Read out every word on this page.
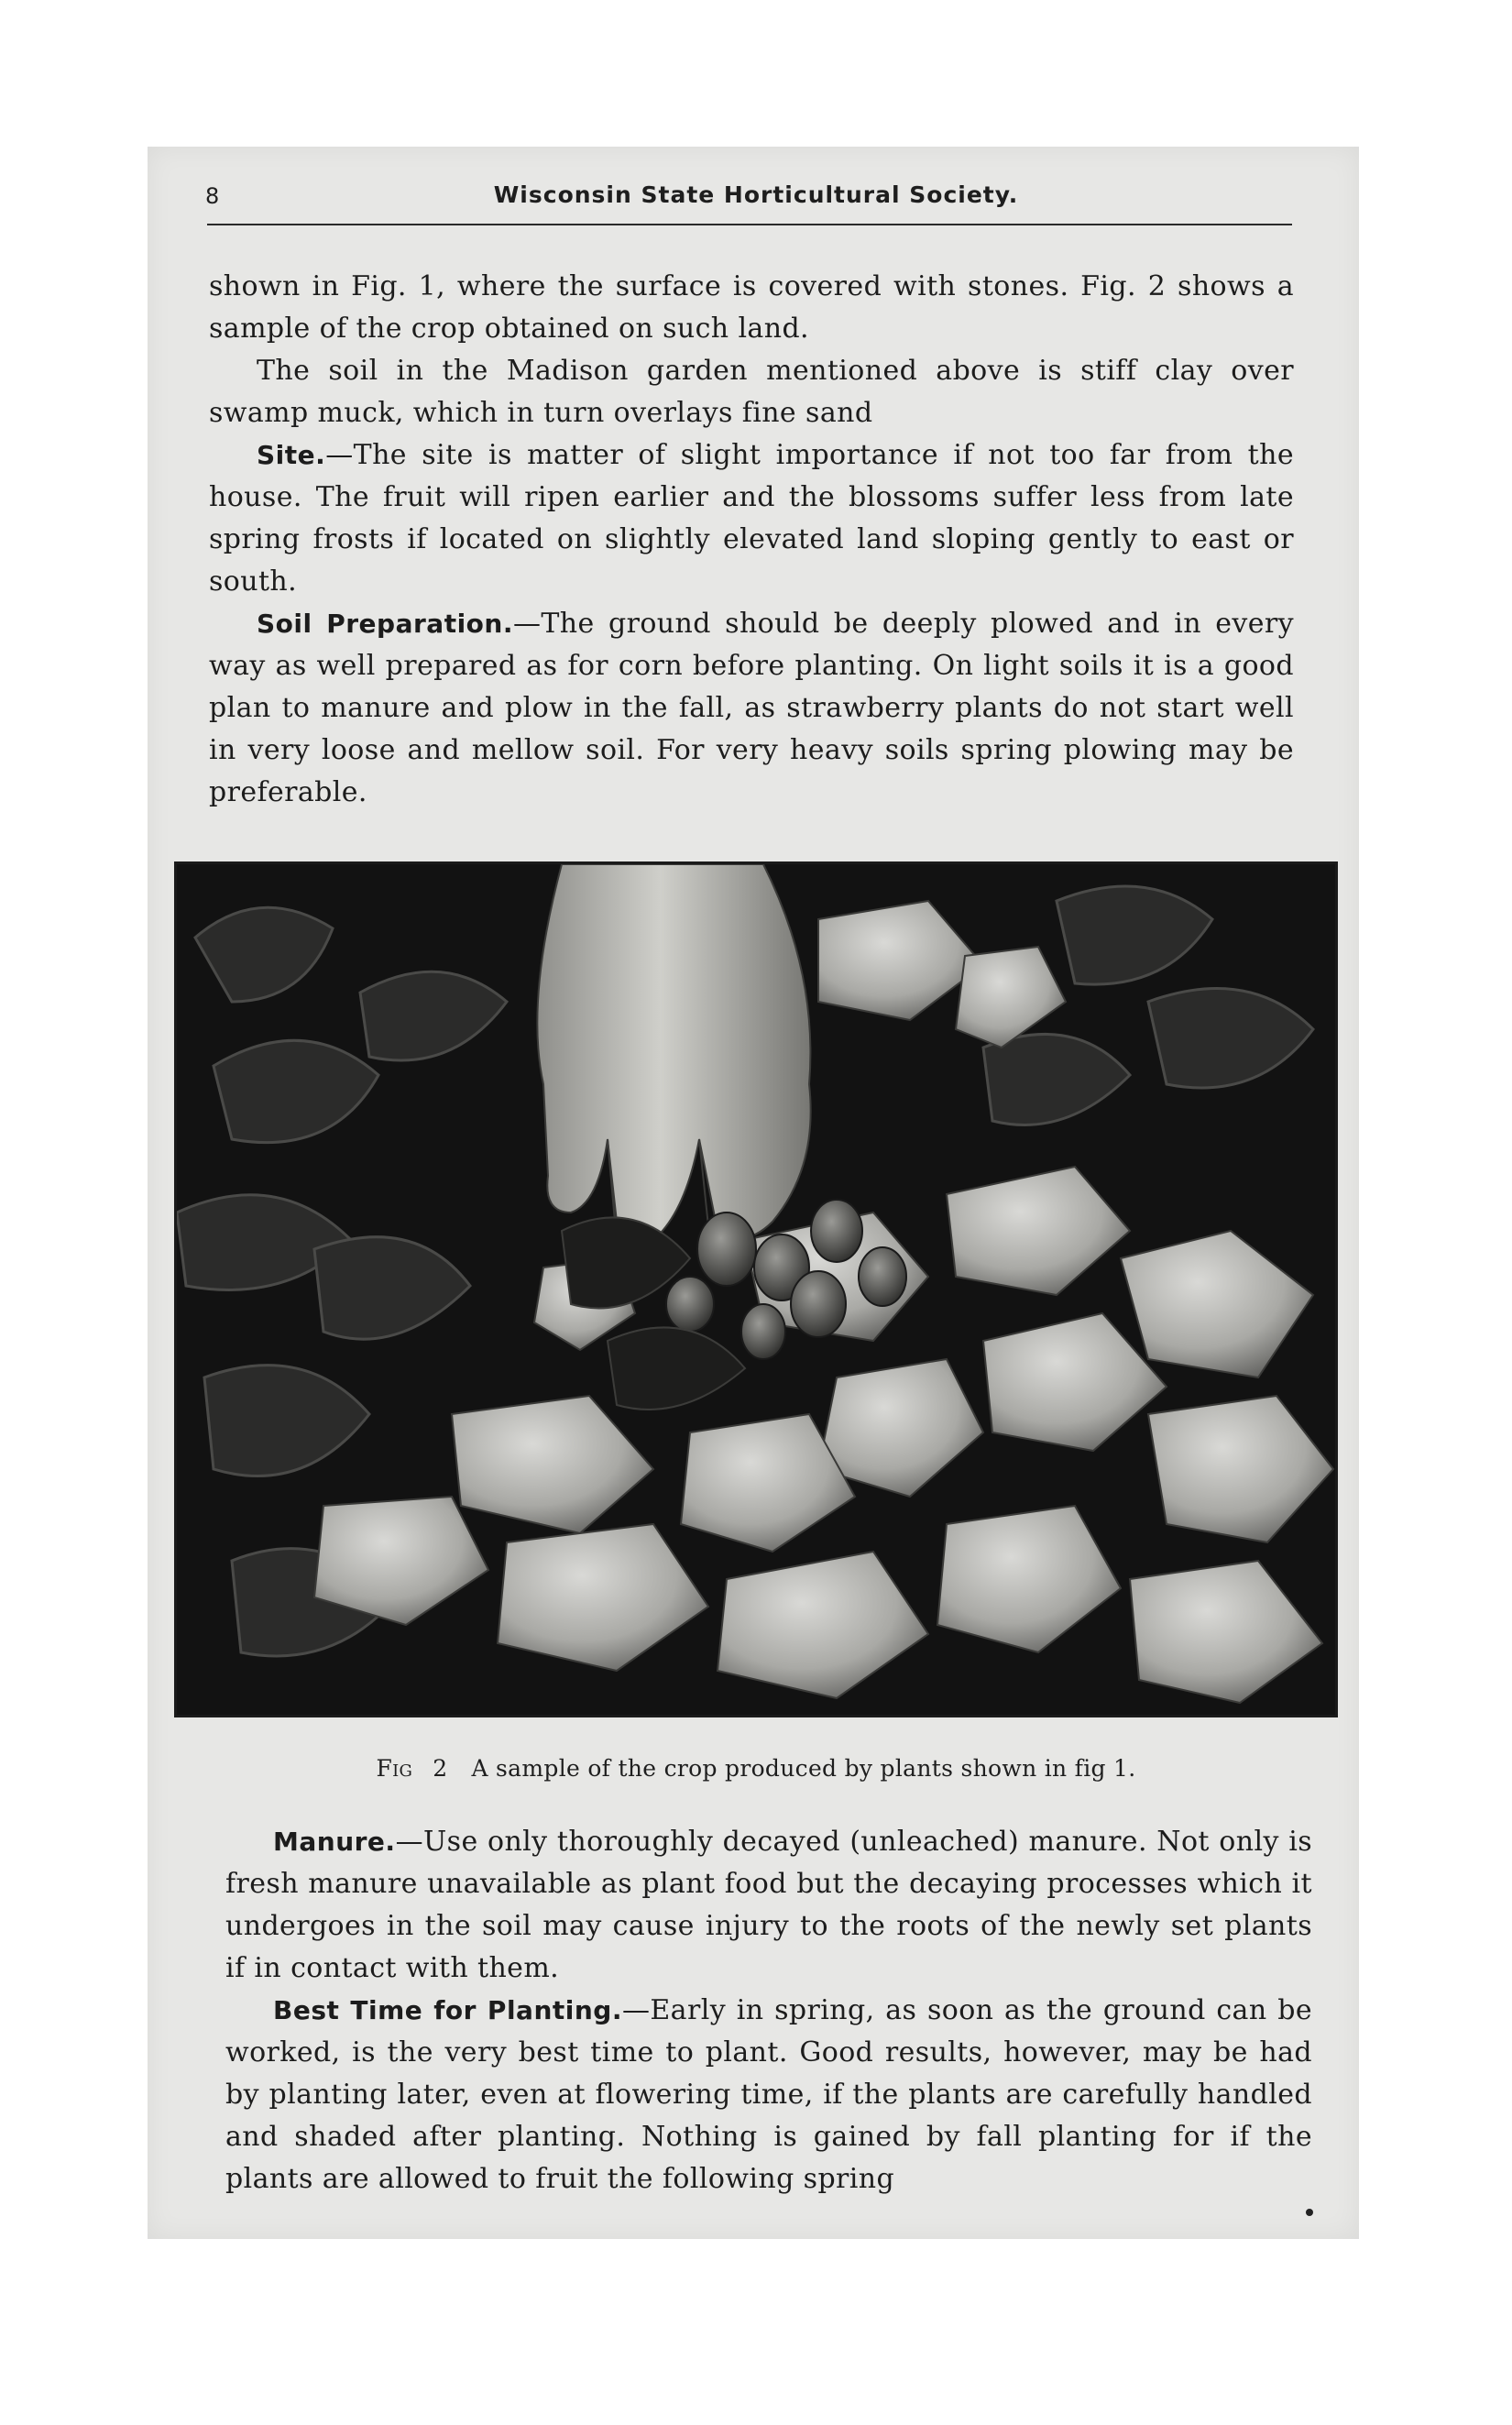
8	Wisconsin State Horticultural Society.

shown in Fig. 1, where the surface is covered with stones. Fig. 2 shows a sample of the crop obtained on such land.

The soil in the Madison garden mentioned above is stiff clay over swamp muck, which in turn overlays fine sand

Site.—The site is matter of slight importance if not too far from the house. The fruit will ripen earlier and the blossoms suffer less from late spring frosts if located on slightly elevated land sloping gently to east or south.

Soil Preparation.—The ground should be deeply plowed and in every way as well prepared as for corn before planting. On light soils it is a good plan to manure and plow in the fall, as strawberry plants do not start well in very loose and mellow soil. For very heavy soils spring plowing may be preferable.

Fig 2 A sample of the crop produced by plants shown in fig 1.

Manure.—Use only thoroughly decayed (unleached) manure. Not only is fresh manure unavailable as plant food but the decaying processes which it undergoes in the soil may cause injury to the roots of the newly set plants if in contact with them.

Best Time for Planting.—Early in spring, as soon as the ground can be worked, is the very best time to plant. Good results, however, may be had by planting later, even at flowering time, if the plants are carefully handled and shaded after planting. Nothing is gained by fall planting for if the plants are allowed to fruit the following spring
